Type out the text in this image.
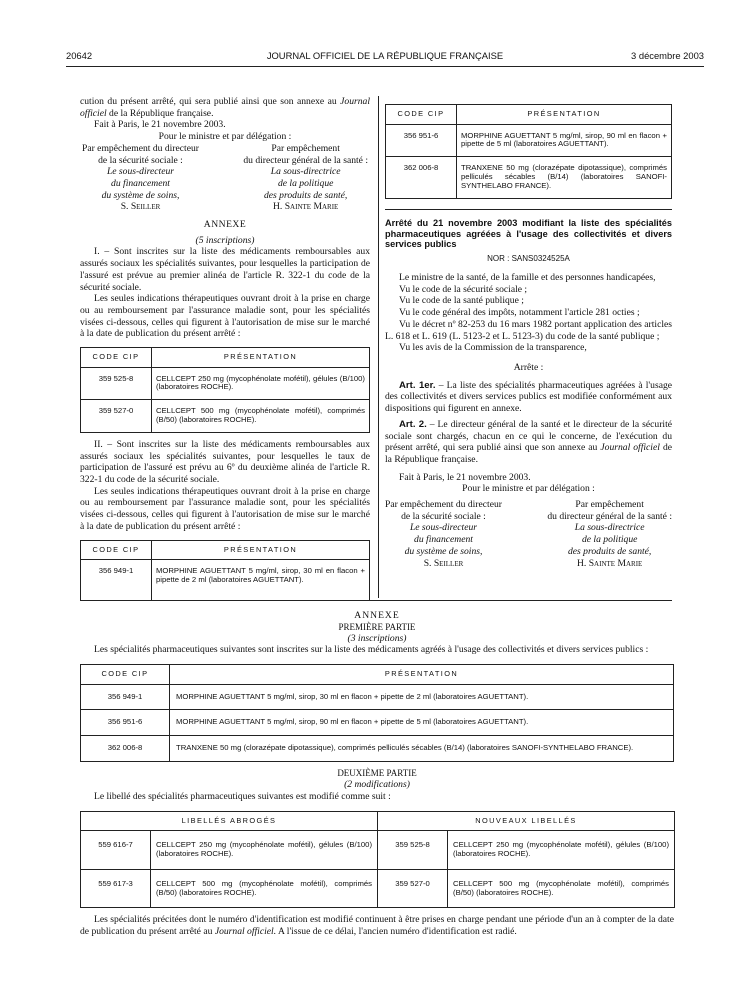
20642	JOURNAL OFFICIEL DE LA RÉPUBLIQUE FRANÇAISE	3 décembre 2003

cution du présent arrêté, qui sera publié ainsi que son annexe au Journal officiel de la République française.

Fait à Paris, le 21 novembre 2003.

Pour le ministre et par délégation :

Par empêchement du directeur
de la sécurité sociale :
Le sous-directeur
du financement
du système de soins,
S. Seiller
Par empêchement
du directeur général de la santé :
La sous-directrice
de la politique
des produits de santé,
H. Sainte Marie

ANNEXE

(5 inscriptions)

I. – Sont inscrites sur la liste des médicaments remboursables aux assurés sociaux les spécialités suivantes, pour lesquelles la participation de l'assuré est prévue au premier alinéa de l'article R. 322-1 du code de la sécurité sociale.

Les seules indications thérapeutiques ouvrant droit à la prise en charge ou au remboursement par l'assurance maladie sont, pour les spécialités visées ci-dessous, celles qui figurent à l'autorisation de mise sur le marché à la date de publication du présent arrêté :

CODE CIP	PRÉSENTATION
359 525-8	CELLCEPT 250 mg (mycophénolate mofétil), gélules (B/100) (laboratoires ROCHE).
359 527-0	CELLCEPT 500 mg (mycophénolate mofétil), comprimés (B/50) (laboratoires ROCHE).

II. – Sont inscrites sur la liste des médicaments remboursables aux assurés sociaux les spécialités suivantes, pour lesquelles le taux de participation de l'assuré est prévu au 6º du deuxième alinéa de l'article R. 322-1 du code de la sécurité sociale.

Les seules indications thérapeutiques ouvrant droit à la prise en charge ou au remboursement par l'assurance maladie sont, pour les spécialités visées ci-dessous, celles qui figurent à l'autorisation de mise sur le marché à la date de publication du présent arrêté :

CODE CIP	PRÉSENTATION
356 949-1	MORPHINE AGUETTANT 5 mg/ml, sirop, 30 ml en flacon + pipette de 2 ml (laboratoires AGUETTANT).
CODE CIP	PRÉSENTATION
356 951-6	MORPHINE AGUETTANT 5 mg/ml, sirop, 90 ml en flacon + pipette de 5 ml (laboratoires AGUETTANT).
362 006-8	TRANXENE 50 mg (clorazépate dipotassique), comprimés pelliculés sécables (B/14) (laboratoires SANOFI-SYNTHELABO FRANCE).

Arrêté du 21 novembre 2003 modifiant la liste des spécialités pharmaceutiques agréées à l'usage des collectivités et divers services publics

NOR : SANS0324525A

Le ministre de la santé, de la famille et des personnes handicapées,

Vu le code de la sécurité sociale ;

Vu le code de la santé publique ;

Vu le code général des impôts, notamment l'article 281 octies ;

Vu le décret nº 82-253 du 16 mars 1982 portant application des articles L. 618 et L. 619 (L. 5123-2 et L. 5123-3) du code de la santé publique ;

Vu les avis de la Commission de la transparence,

Arrête :

Art. 1er. – La liste des spécialités pharmaceutiques agréées à l'usage des collectivités et divers services publics est modifiée conformément aux dispositions qui figurent en annexe.

Art. 2. – Le directeur général de la santé et le directeur de la sécurité sociale sont chargés, chacun en ce qui le concerne, de l'exécution du présent arrêté, qui sera publié ainsi que son annexe au Journal officiel de la République française.

Fait à Paris, le 21 novembre 2003.

Pour le ministre et par délégation :

Par empêchement du directeur
de la sécurité sociale :
Le sous-directeur
du financement
du système de soins,
S. Seiller
Par empêchement
du directeur général de la santé :
La sous-directrice
de la politique
des produits de santé,
H. Sainte Marie

ANNEXE

PREMIÈRE PARTIE

(3 inscriptions)

Les spécialités pharmaceutiques suivantes sont inscrites sur la liste des médicaments agréés à l'usage des collectivités et divers services publics :

CODE CIP	PRÉSENTATION
356 949-1	MORPHINE AGUETTANT 5 mg/ml, sirop, 30 ml en flacon + pipette de 2 ml (laboratoires AGUETTANT).
356 951-6	MORPHINE AGUETTANT 5 mg/ml, sirop, 90 ml en flacon + pipette de 5 ml (laboratoires AGUETTANT).
362 006-8	TRANXENE 50 mg (clorazépate dipotassique), comprimés pelliculés sécables (B/14) (laboratoires SANOFI-SYNTHELABO FRANCE).

DEUXIÈME PARTIE

(2 modifications)

Le libellé des spécialités pharmaceutiques suivantes est modifié comme suit :

LIBELLÉS ABROGÉS		NOUVEAUX LIBELLÉS	
559 616-7	CELLCEPT 250 mg (mycophénolate mofétil), gélules (B/100) (laboratoires ROCHE).	359 525-8	CELLCEPT 250 mg (mycophénolate mofétil), gélules (B/100) (laboratoires ROCHE).
559 617-3	CELLCEPT 500 mg (mycophénolate mofétil), comprimés (B/50) (laboratoires ROCHE).	359 527-0	CELLCEPT 500 mg (mycophénolate mofétil), comprimés (B/50) (laboratoires ROCHE).

Les spécialités précitées dont le numéro d'identification est modifié continuent à être prises en charge pendant une période d'un an à compter de la date de publication du présent arrêté au Journal officiel. A l'issue de ce délai, l'ancien numéro d'identification est radié.
